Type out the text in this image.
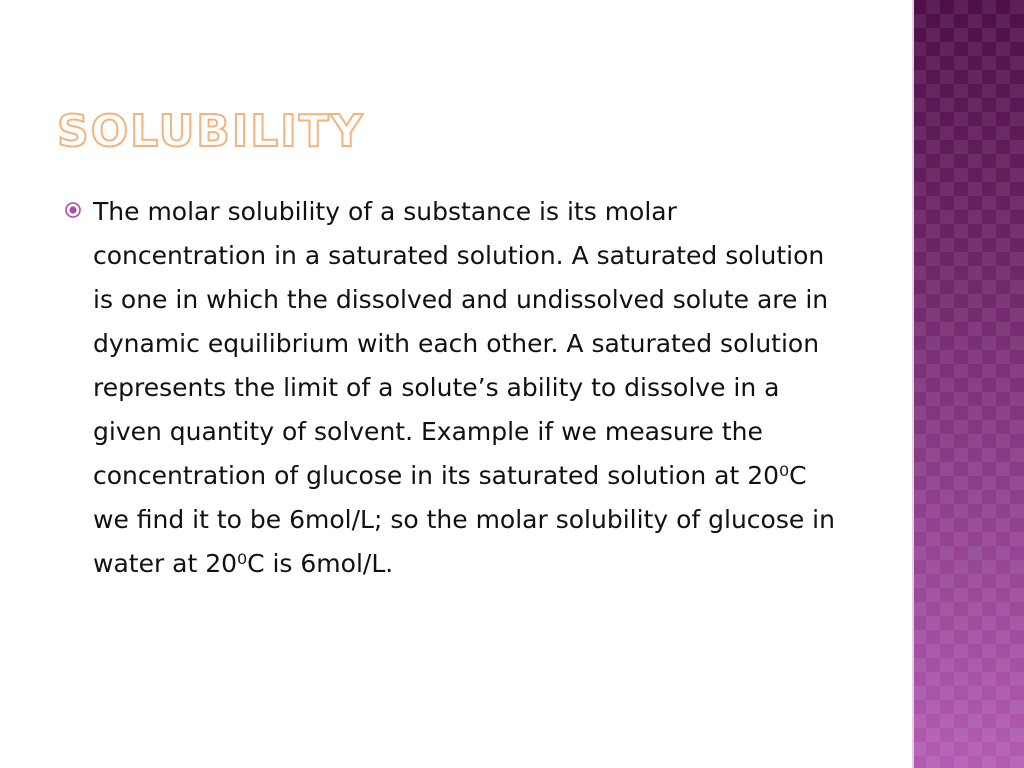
SOLUBILITY
The molar solubility of a substance is its molar concentration in a saturated solution. A saturated solution is one in which the dissolved and undissolved solute are in dynamic equilibrium with each other. A saturated solution represents the limit of a solute’s ability to dissolve in a given quantity of solvent. Example if we measure the concentration of glucose in its saturated solution at 20⁰C we find it to be 6mol/L; so the molar solubility of glucose in water at 20⁰C is 6mol/L.
